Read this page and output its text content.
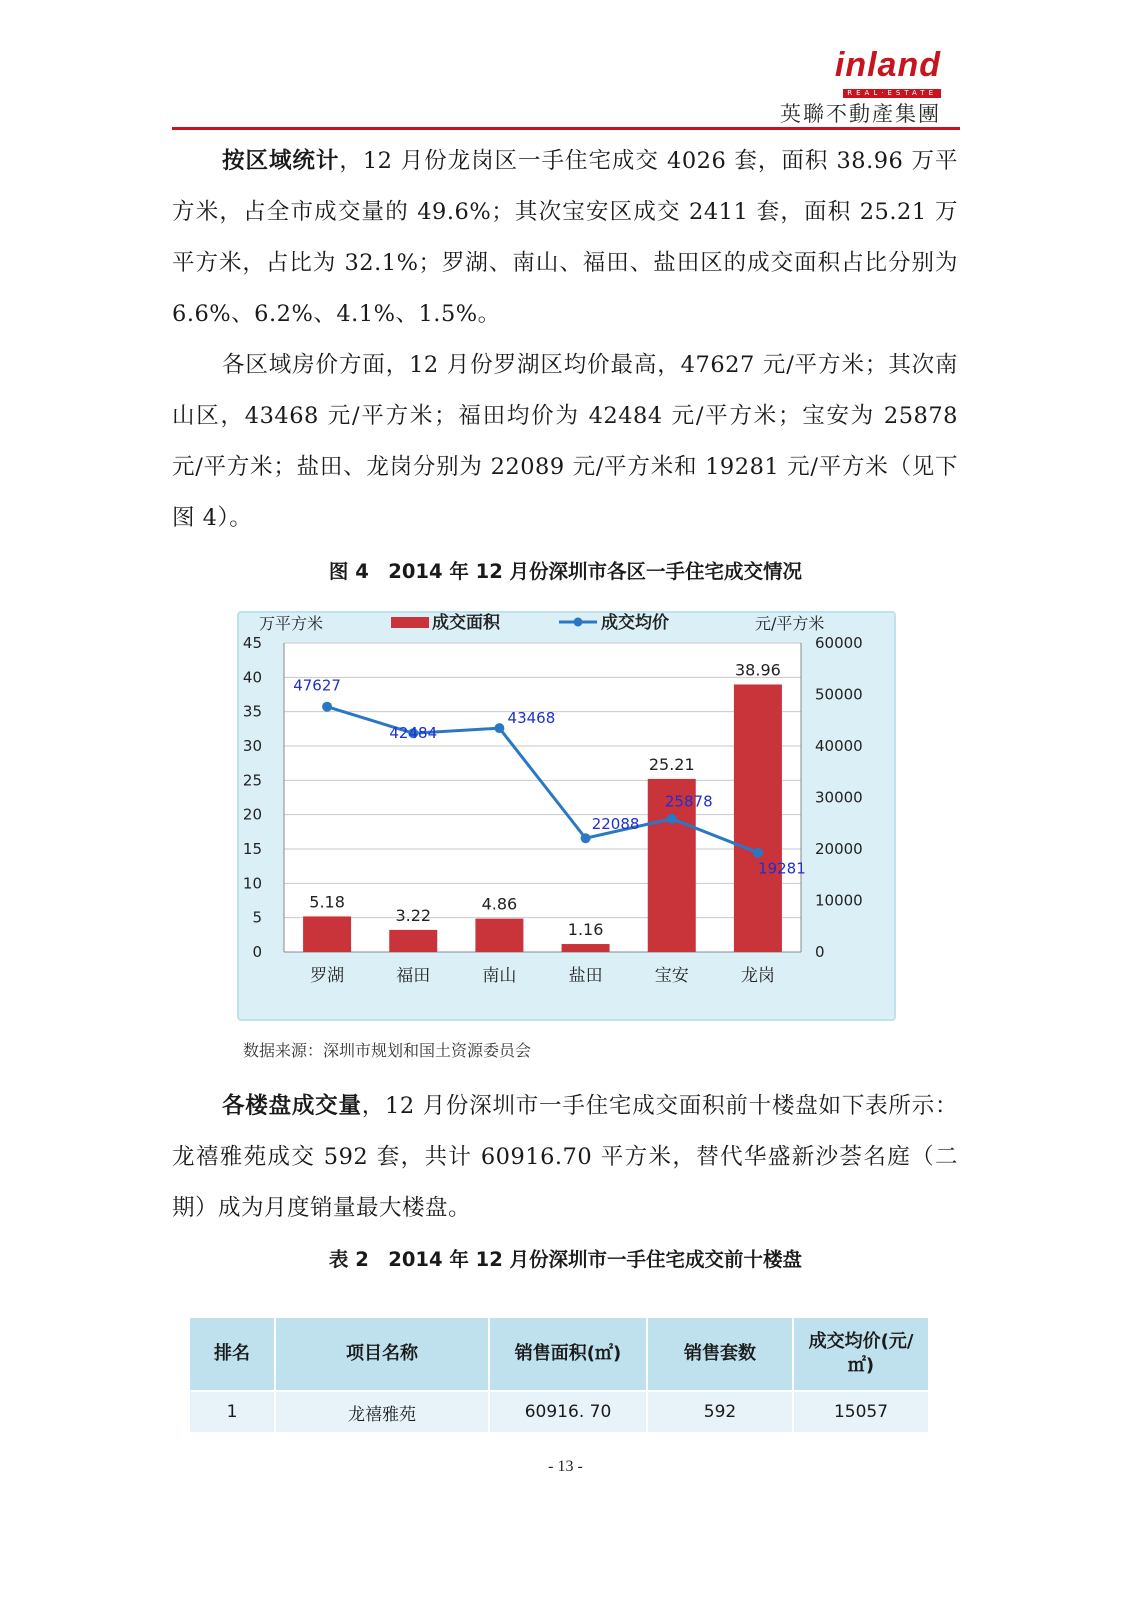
inland
REAL·ESTATE
英聯不動產集團
按区域统计，12 月份龙岗区一手住宅成交 4026 套，面积 38.96 万平方米，占全市成交量的 49.6%；其次宝安区成交 2411 套，面积 25.21 万平方米，占比为 32.1%；罗湖、南山、福田、盐田区的成交面积占比分别为 6.6%、6.2%、4.1%、1.5%。
各区域房价方面，12 月份罗湖区均价最高，47627 元/平方米；其次南山区，43468 元/平方米；福田均价为 42484 元/平方米；宝安为 25878 元/平方米；盐田、龙岗分别为 22089 元/平方米和 19281 元/平方米（见下图 4）。
图 4　2014 年 12 月份深圳市各区一手住宅成交情况
0
5
10
15
20
25
30
35
40
45
0
10000
20000
30000
40000
50000
60000
万平方米	元/平方米
成交面积	成交均价
5.18
3.22
4.86
1.16
25.21
38.96
罗湖	福田	南山	盐田	宝安	龙岗
47627
42484
43468
22088
25878
19281
数据来源：深圳市规划和国土资源委员会
各楼盘成交量，12 月份深圳市一手住宅成交面积前十楼盘如下表所示：龙禧雅苑成交 592 套，共计 60916.70 平方米，替代华盛新沙荟名庭（二期）成为月度销量最大楼盘。
表 2　2014 年 12 月份深圳市一手住宅成交前十楼盘
排名	项目名称	销售面积(㎡)	销售套数	成交均价(元/㎡)
1	龙禧雅苑	60916. 70	592	15057
- 13 -
